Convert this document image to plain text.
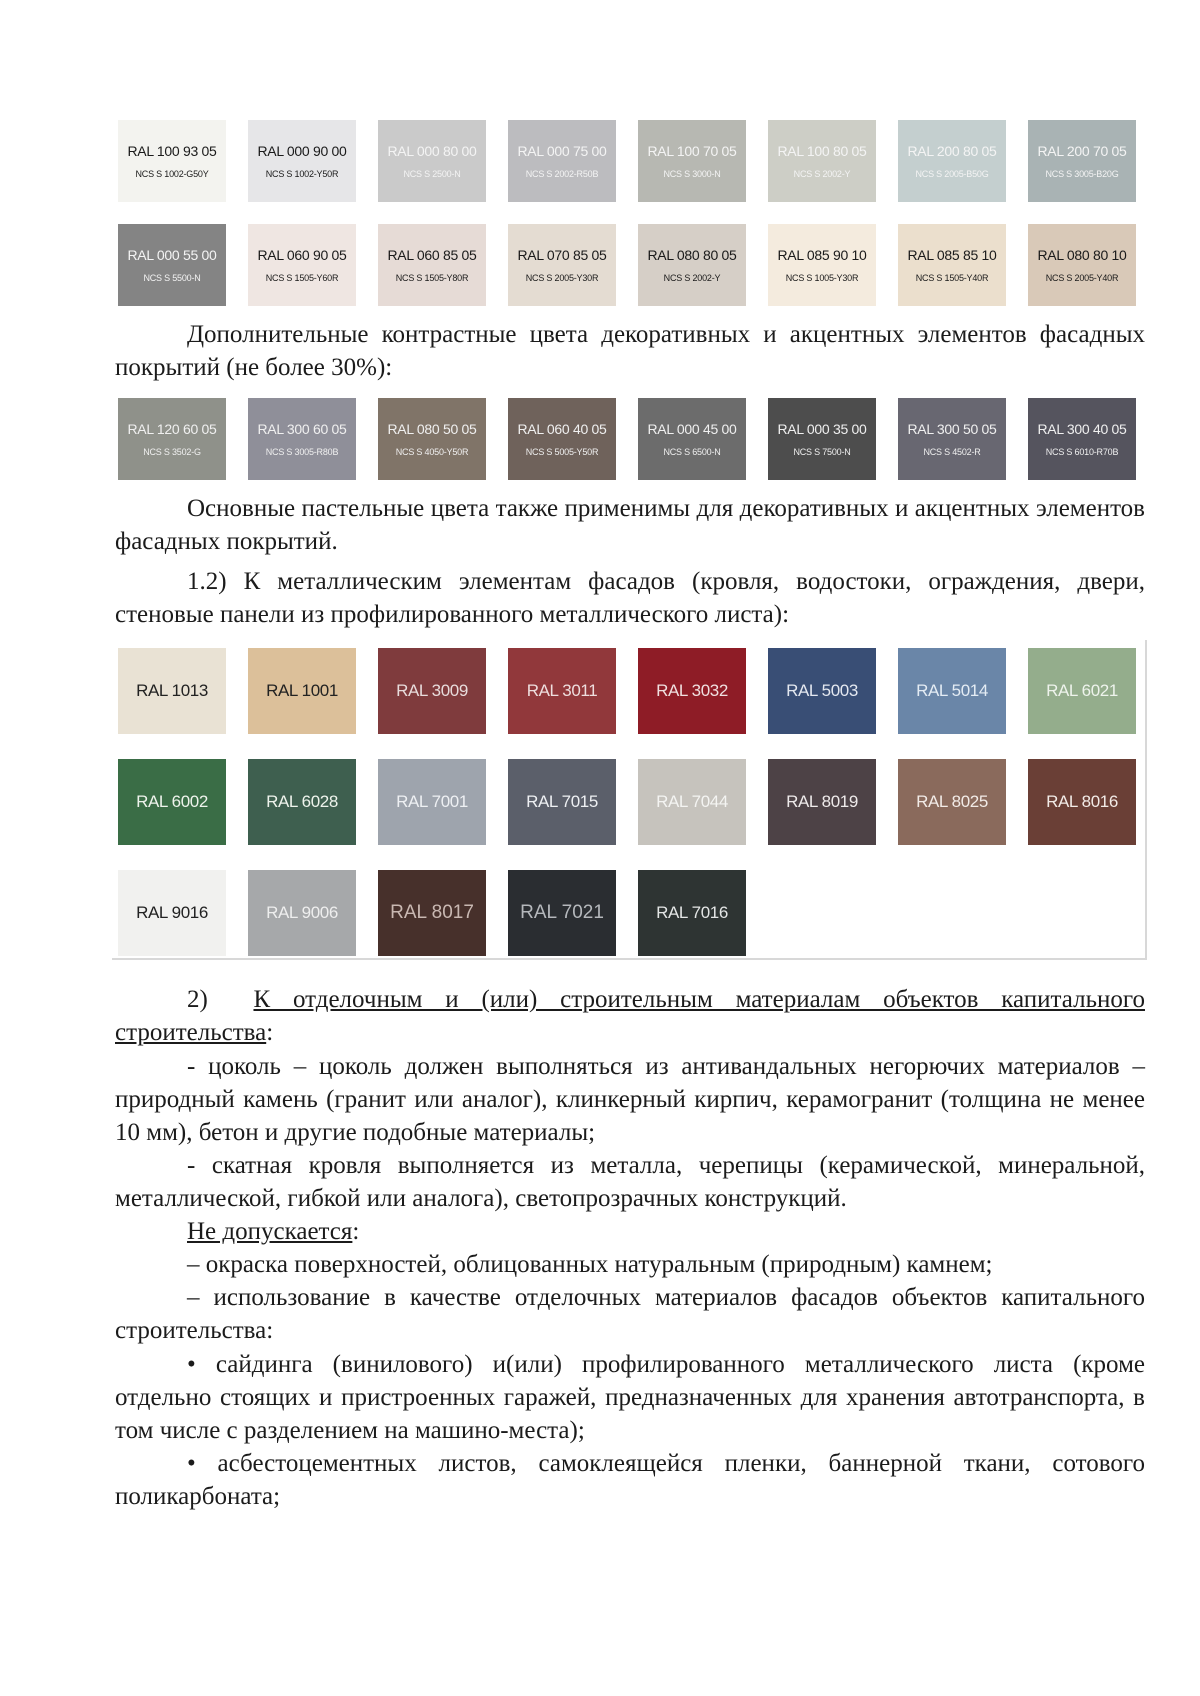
RAL 100 93 05
NCS S 1002-G50Y
RAL 000 90 00
NCS S 1002-Y50R
RAL 000 80 00
NCS S 2500-N
RAL 000 75 00
NCS S 2002-R50B
RAL 100 70 05
NCS S 3000-N
RAL 100 80 05
NCS S 2002-Y
RAL 200 80 05
NCS S 2005-B50G
RAL 200 70 05
NCS S 3005-B20G
RAL 000 55 00
NCS S 5500-N
RAL 060 90 05
NCS S 1505-Y60R
RAL 060 85 05
NCS S 1505-Y80R
RAL 070 85 05
NCS S 2005-Y30R
RAL 080 80 05
NCS S 2002-Y
RAL 085 90 10
NCS S 1005-Y30R
RAL 085 85 10
NCS S 1505-Y40R
RAL 080 80 10
NCS S 2005-Y40R

Дополнительные контрастные цвета декоративных и акцентных элементов фасадных покрытий (не более 30%):

RAL 120 60 05
NCS S 3502-G
RAL 300 60 05
NCS S 3005-R80B
RAL 080 50 05
NCS S 4050-Y50R
RAL 060 40 05
NCS S 5005-Y50R
RAL 000 45 00
NCS S 6500-N
RAL 000 35 00
NCS S 7500-N
RAL 300 50 05
NCS S 4502-R
RAL 300 40 05
NCS S 6010-R70B

Основные пастельные цвета также применимы для декоративных и акцентных элементов фасадных покрытий.

1.2) К металлическим элементам фасадов (кровля, водостоки, ограждения, двери, стеновые панели из профилированного металлического листа):

RAL 1013	RAL 1001	RAL 3009	RAL 3011	RAL 3032	RAL 5003	RAL 5014	RAL 6021
RAL 6002	RAL 6028	RAL 7001	RAL 7015	RAL 7044	RAL 8019	RAL 8025	RAL 8016
RAL 9016	RAL 9006	RAL 8017	RAL 7021	RAL 7016

2) К отделочным и (или) строительным материалам объектов капитального строительства:

- цоколь – цоколь должен выполняться из антивандальных негорючих материалов – природный камень (гранит или аналог), клинкерный кирпич, керамогранит (толщина не менее 10 мм), бетон и другие подобные материалы;

- скатная кровля выполняется из металла, черепицы (керамической, минеральной, металлической, гибкой или аналога), светопрозрачных конструкций.

Не допускается:

– окраска поверхностей, облицованных натуральным (природным) камнем;

– использование в качестве отделочных материалов фасадов объектов капитального строительства:

• сайдинга (винилового) и(или) профилированного металлического листа (кроме отдельно стоящих и пристроенных гаражей, предназначенных для хранения автотранспорта, в том числе с разделением на машино-места);

• асбестоцементных листов, самоклеящейся пленки, баннерной ткани, сотового поликарбоната;
